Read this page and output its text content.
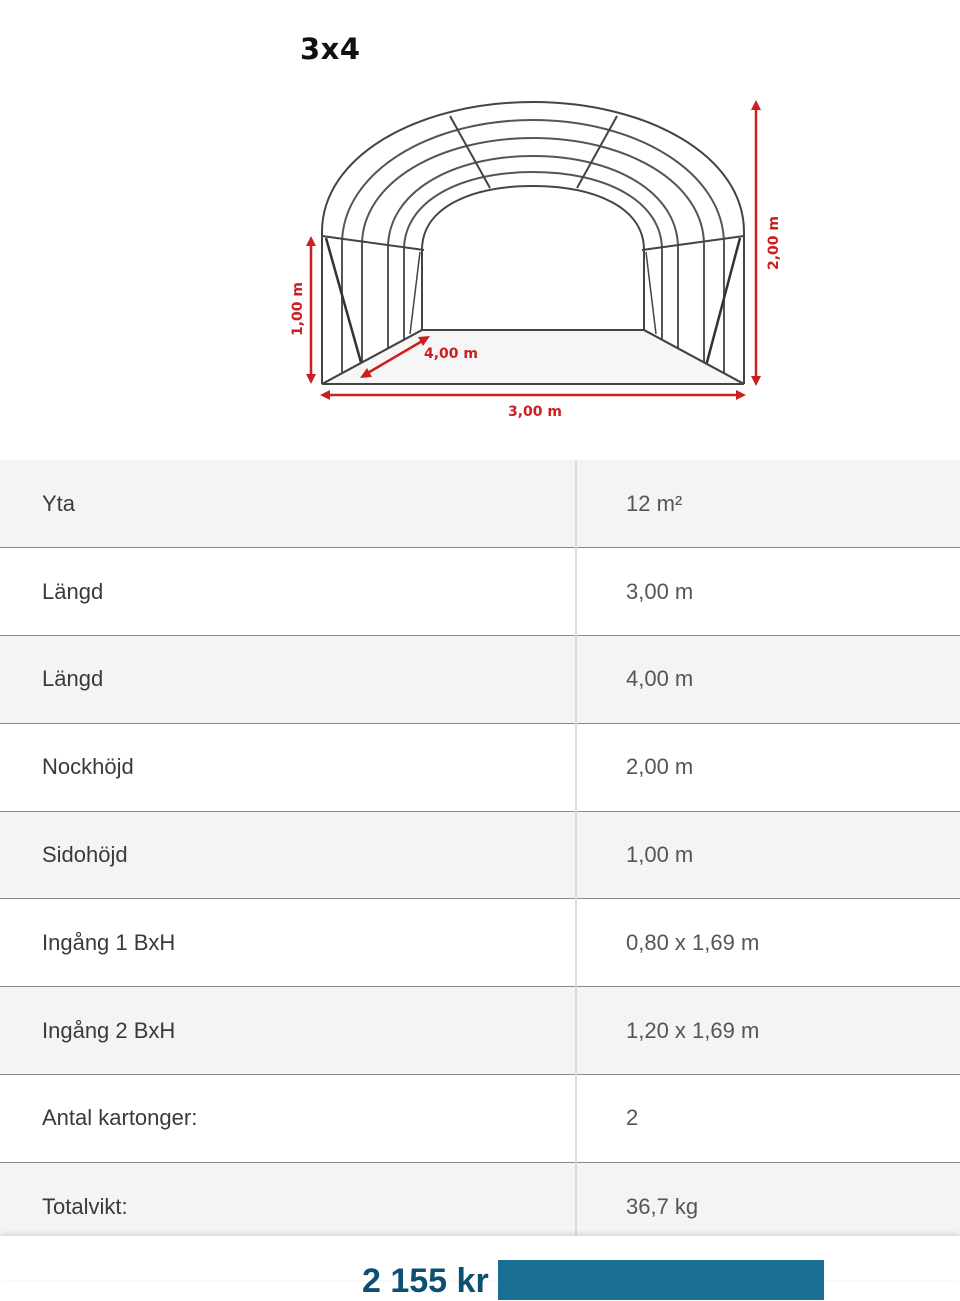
3x4
1,00 m
2,00 m
4,00 m
3,00 m
Yta	12 m²
Längd	3,00 m
Längd	4,00 m
Nockhöjd	2,00 m
Sidohöjd	1,00 m
Ingång 1 BxH	0,80 x 1,69 m
Ingång 2 BxH	1,20 x 1,69 m
Antal kartonger:	2
Totalvikt:	36,7 kg
2 155 kr
